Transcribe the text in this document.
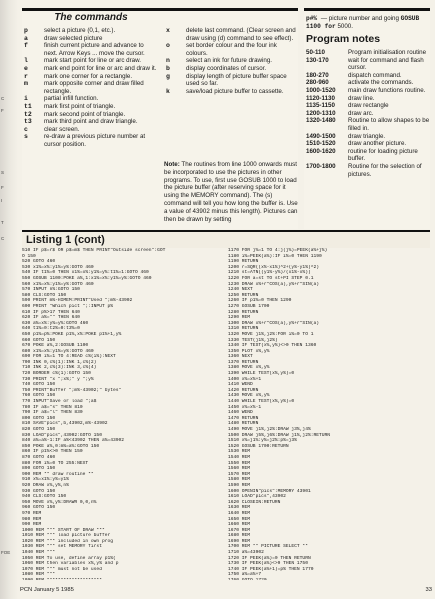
C
F
S
F
I
T
C
FOE
The commands
p	select a picture (0,1, etc.).
a	draw selected picture
f	finish current picture and advance to next. Arrow Keys ... move the cursor.
l	mark start point for line or arc draw.
e	mark end point for line or arc and draw it.
r	mark one corner for a rectangle.
m	mark opposite corner and draw filled rectangle.
i	partial infill function.
t1	mark first point of triangle.
t2	mark second point of triangle.
t3	mark third point and draw triangle.
c	clear screen.
s	re-draw a previous picture number at cursor position.
x	delete last command. (Clear screen and draw using (d) command to see effect).
o	set border colour and the four ink colours.
n	select an ink for future drawing.
b	display coordinates of cursor.
g	display length of picture buffer space used so far.
k	save/load picture buffer to cassette.
Note: The routines from line 1000 onwards must be incorporated to use the pictures in other programs. To use, first use GOSUB 1000 to load the picture buffer (after reserving space for it using the MEMORY command). The (s) command will tell you how long the buffer is. Use a value of 43902 minus this length). Pictures can then be drawn by setting
p#% — picture number and going GOSUB 1100 for 5000.
Program notes
50-110	Program initialisation routine
130-170	wait for command and flash cursor.
180-270	dispatch command.
280-960	activate the commands.
1000-1520	main draw functions routine.
1120-1130	draw line.
1135-1150	draw rectangle
1200-1310	draw arc.
1320-1480	Routine to allow shapes to be filled in.
1490-1500	draw triangle.
1510-1520	draw another picture.
1600-1620	routine for loading picture buffer.
1700-1800	Routine for the selection of pictures.
Listing 1 (cont)
510 IF p$=r$ OR p$=m$ THEN PRINT"Outside screen":GOT
O 150
520 GOTO 460
530 x1%=x%:y1%=y%:GOTO 460
540 IF t1%=0 THEN x1%=x%:y1%=y%:t1%=1:GOTO 460
550 GOSUB 1100:POKE a%,1:x1%=x%:y1%=y%:GOTO 460
560 x1%=x%:y1%=y%:GOTO 460
570 INPUT n%:GOTO 150
580 CLS:GOTO 150
590 PRINT m%-HIMEM:PRINT"Used ";m%-43902
600 PRINT "Which pict ";:INPUT p%
610 IF p%>17 THEN 640
620 IF a%="" THEN 640
630 a%=x%:y%=y%:GOTO 460
640 t1%=0:t2%=0:t3%=0
650 p1%=p%:POKE p1%,x%:POKE p1%+1,y%
660 GOTO 150
670 POKE a%,2:GOSUB 1100
680 x1%=x%:y1%=y%:GOTO 460
690 FOR i%=1 TO 4:READ c%(i%):NEXT
700 INK 0,c%(1):INK 1,c%(2)
710 INK 2,c%(3):INK 3,c%(4)
720 BORDER c%(1):GOTO 150
730 PRINT "x ";x%;" y ";y%
740 GOTO 150
750 PRINT"Buffer ";m%-43902;" bytes"
760 GOTO 150
770 INPUT"Save or load ";a$
780 IF a$="s" THEN 810
790 IF a$="l" THEN 830
800 GOTO 150
810 SAVE"pics",b,43902,m%-43902
820 GOTO 150
830 LOAD"pics",43902:GOTO 150
840 a%=a%-1:IF a%<43902 THEN a%=43902
850 POKE a%,0:m%=a%:GOTO 150
860 IF p1%<>0 THEN 150
870 GOTO 460
880 FOR i%=0 TO 255:NEXT
890 GOTO 150
900 REM ** draw routine **
910 x%=x1%:y%=y1%
920 DRAW x%,y%,n%
930 GOTO 150
940 CLS:GOTO 150
950 MOVE x%,y%:DRAWR 0,0,n%
960 GOTO 150
970 REM
980 REM
990 REM
1000 REM *** START OF DRAW ***
1010 REM *** load picture buffer
1020 REM *** included in own prog
1030 REM *** set MEMORY first
1040 REM ***
1050 REM To use, define array p1%(
1060 REM then variables x%,y% and p
1070 REM *** must not be used
1080 REM ***
1170 FOR j%=1 TO 4:j(j%)=PEEK(a%+j%)
1180 i%=PEEK(a%):IF i%=0 THEN 1190
1190 RETURN
1200 r=SQR((x%-x1%)^2+(y%-y1%)^2)
1210 st=ATN((y1%-y%)/(x1%-x%))
1220 FOR a=st TO st+PI STEP 0.1
1230 DRAW x%+r*COS(a),y%+r*SIN(a)
1240 NEXT
1250 RETURN
1260 IF p1%=0 THEN 1290
1270 GOSUB 1700
1280 RETURN
1290 REM
1300 DRAW x%+r*COS(a),y%+r*SIN(a)
1310 RETURN
1320 MOVE j1%,j2%:FOR i%=0 TO 1
1330 TEST(j1%,j2%)
1340 IF TEST(x%,y%)<>0 THEN 1360
1350 PLOT x%,y%
1360 NEXT
1370 RETURN
1380 MOVE x%,y%
1390 WHILE TEST(x%,y%)=0
1400 x%=x%+1
1410 WEND
1420 RETURN
1430 MOVE x%,y%
1440 WHILE TEST(x%,y%)=0
1450 x%=x%-1
1460 WEND
1470 RETURN
1480 RETURN
1490 MOVE j1%,j2%:DRAW j3%,j4%
1500 DRAW j5%,j6%:DRAW j1%,j2%:RETURN
1510 x%=j1%:y%=j2%:p%=j3%
1520 GOSUB 1700:RETURN
1530 REM
1540 REM
1550 REM
1560 REM
1570 REM
1580 REM
1590 REM
1600 OPENIN"pics":MEMORY 43901
1610 LOAD"pics",43902
1620 CLOSEIN:RETURN
1630 REM
1640 REM
1650 REM
1660 REM
1670 REM
1680 REM
1690 REM
1700 REM ** PICTURE SELECT **
1710 a%=43902
1720 IF PEEK(a%)=0 THEN RETURN
1730 IF PEEK(a%)<>9 THEN 1750
1740 IF PEEK(a%+1)=p% THEN 1770
1750 a%=a%+7
PCN January 5 1985	33
